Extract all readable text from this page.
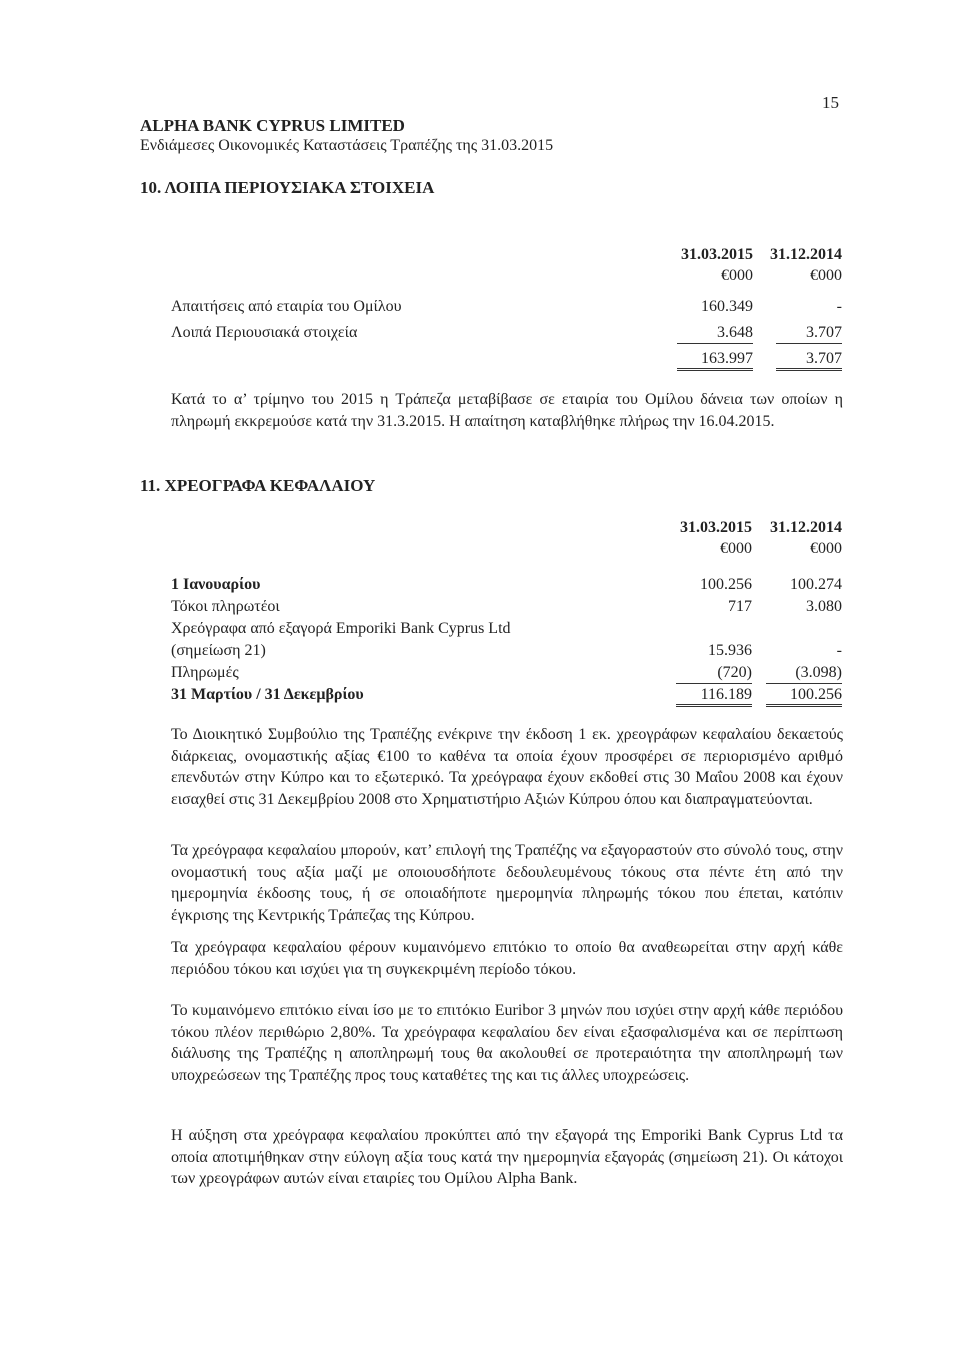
15
ALPHA BANK CYPRUS LIMITED
Ενδιάμεσες Οικονομικές Καταστάσεις Τραπέζης της 31.03.2015
10. ΛΟΙΠΑ ΠΕΡΙΟΥΣΙΑΚΑ ΣΤΟΙΧΕΙΑ
31.03.2015 31.12.2014
€000	€000
Απαιτήσεις από εταιρία του Ομίλου	160.349	-
Λοιπά Περιουσιακά στοιχεία	3.648	3.707
163.997	3.707
Κατά το α’ τρίμηνο του 2015 η Τράπεζα μεταβίβασε σε εταιρία του Ομίλου δάνεια των οποίων η πληρωμή εκκρεμούσε κατά την 31.3.2015. Η απαίτηση καταβλήθηκε πλήρως την 16.04.2015.
11. ΧΡΕΟΓΡΑΦΑ ΚΕΦΑΛΑΙΟΥ
31.03.2015 31.12.2014
€000	€000
1 Ιανουαρίου	100.256 100.274
Τόκοι πληρωτέοι	717	3.080
Χρεόγραφα από εξαγορά Emporiki Bank Cyprus Ltd
(σημείωση 21)	15.936	-
Πληρωμές	(720)	(3.098)
31 Μαρτίου / 31 Δεκεμβρίου	116.189	100.256
Το Διοικητικό Συμβούλιο της Τραπέζης ενέκρινε την έκδοση 1 εκ. χρεογράφων κεφαλαίου δεκαετούς διάρκειας, ονομαστικής αξίας €100 το καθένα τα οποία έχουν προσφέρει σε περιορισμένο αριθμό επενδυτών στην Κύπρο και το εξωτερικό. Τα χρεόγραφα έχουν εκδοθεί στις 30 Μαΐου 2008 και έχουν εισαχθεί στις 31 Δεκεμβρίου 2008 στο Χρηματιστήριο Αξιών Κύπρου όπου και διαπραγματεύονται.
Τα χρεόγραφα κεφαλαίου μπορούν, κατ’ επιλογή της Τραπέζης να εξαγοραστούν στο σύνολό τους, στην ονομαστική τους αξία μαζί με οποιουσδήποτε δεδουλευμένους τόκους στα πέντε έτη από την ημερομηνία έκδοσης τους, ή σε οποιαδήποτε ημερομηνία πληρωμής τόκου που έπεται, κατόπιν έγκρισης της Κεντρικής Τράπεζας της Κύπρου.
Τα χρεόγραφα κεφαλαίου φέρουν κυμαινόμενο επιτόκιο το οποίο θα αναθεωρείται στην αρχή κάθε περιόδου τόκου και ισχύει για τη συγκεκριμένη περίοδο τόκου.
Το κυμαινόμενο επιτόκιο είναι ίσο με το επιτόκιο Euribor 3 μηνών που ισχύει στην αρχή κάθε περιόδου τόκου πλέον περιθώριο 2,80%. Τα χρεόγραφα κεφαλαίου δεν είναι εξασφαλισμένα και σε περίπτωση διάλυσης της Τραπέζης η αποπληρωμή τους θα ακολουθεί σε προτεραιότητα την αποπληρωμή των υποχρεώσεων της Τραπέζης προς τους καταθέτες της και τις άλλες υποχρεώσεις.
Η αύξηση στα χρεόγραφα κεφαλαίου προκύπτει από την εξαγορά της Emporiki Bank Cyprus Ltd τα οποία αποτιμήθηκαν στην εύλογη αξία τους κατά την ημερομηνία εξαγοράς (σημείωση 21). Οι κάτοχοι των χρεογράφων αυτών είναι εταιρίες του Ομίλου Alpha Bank.
